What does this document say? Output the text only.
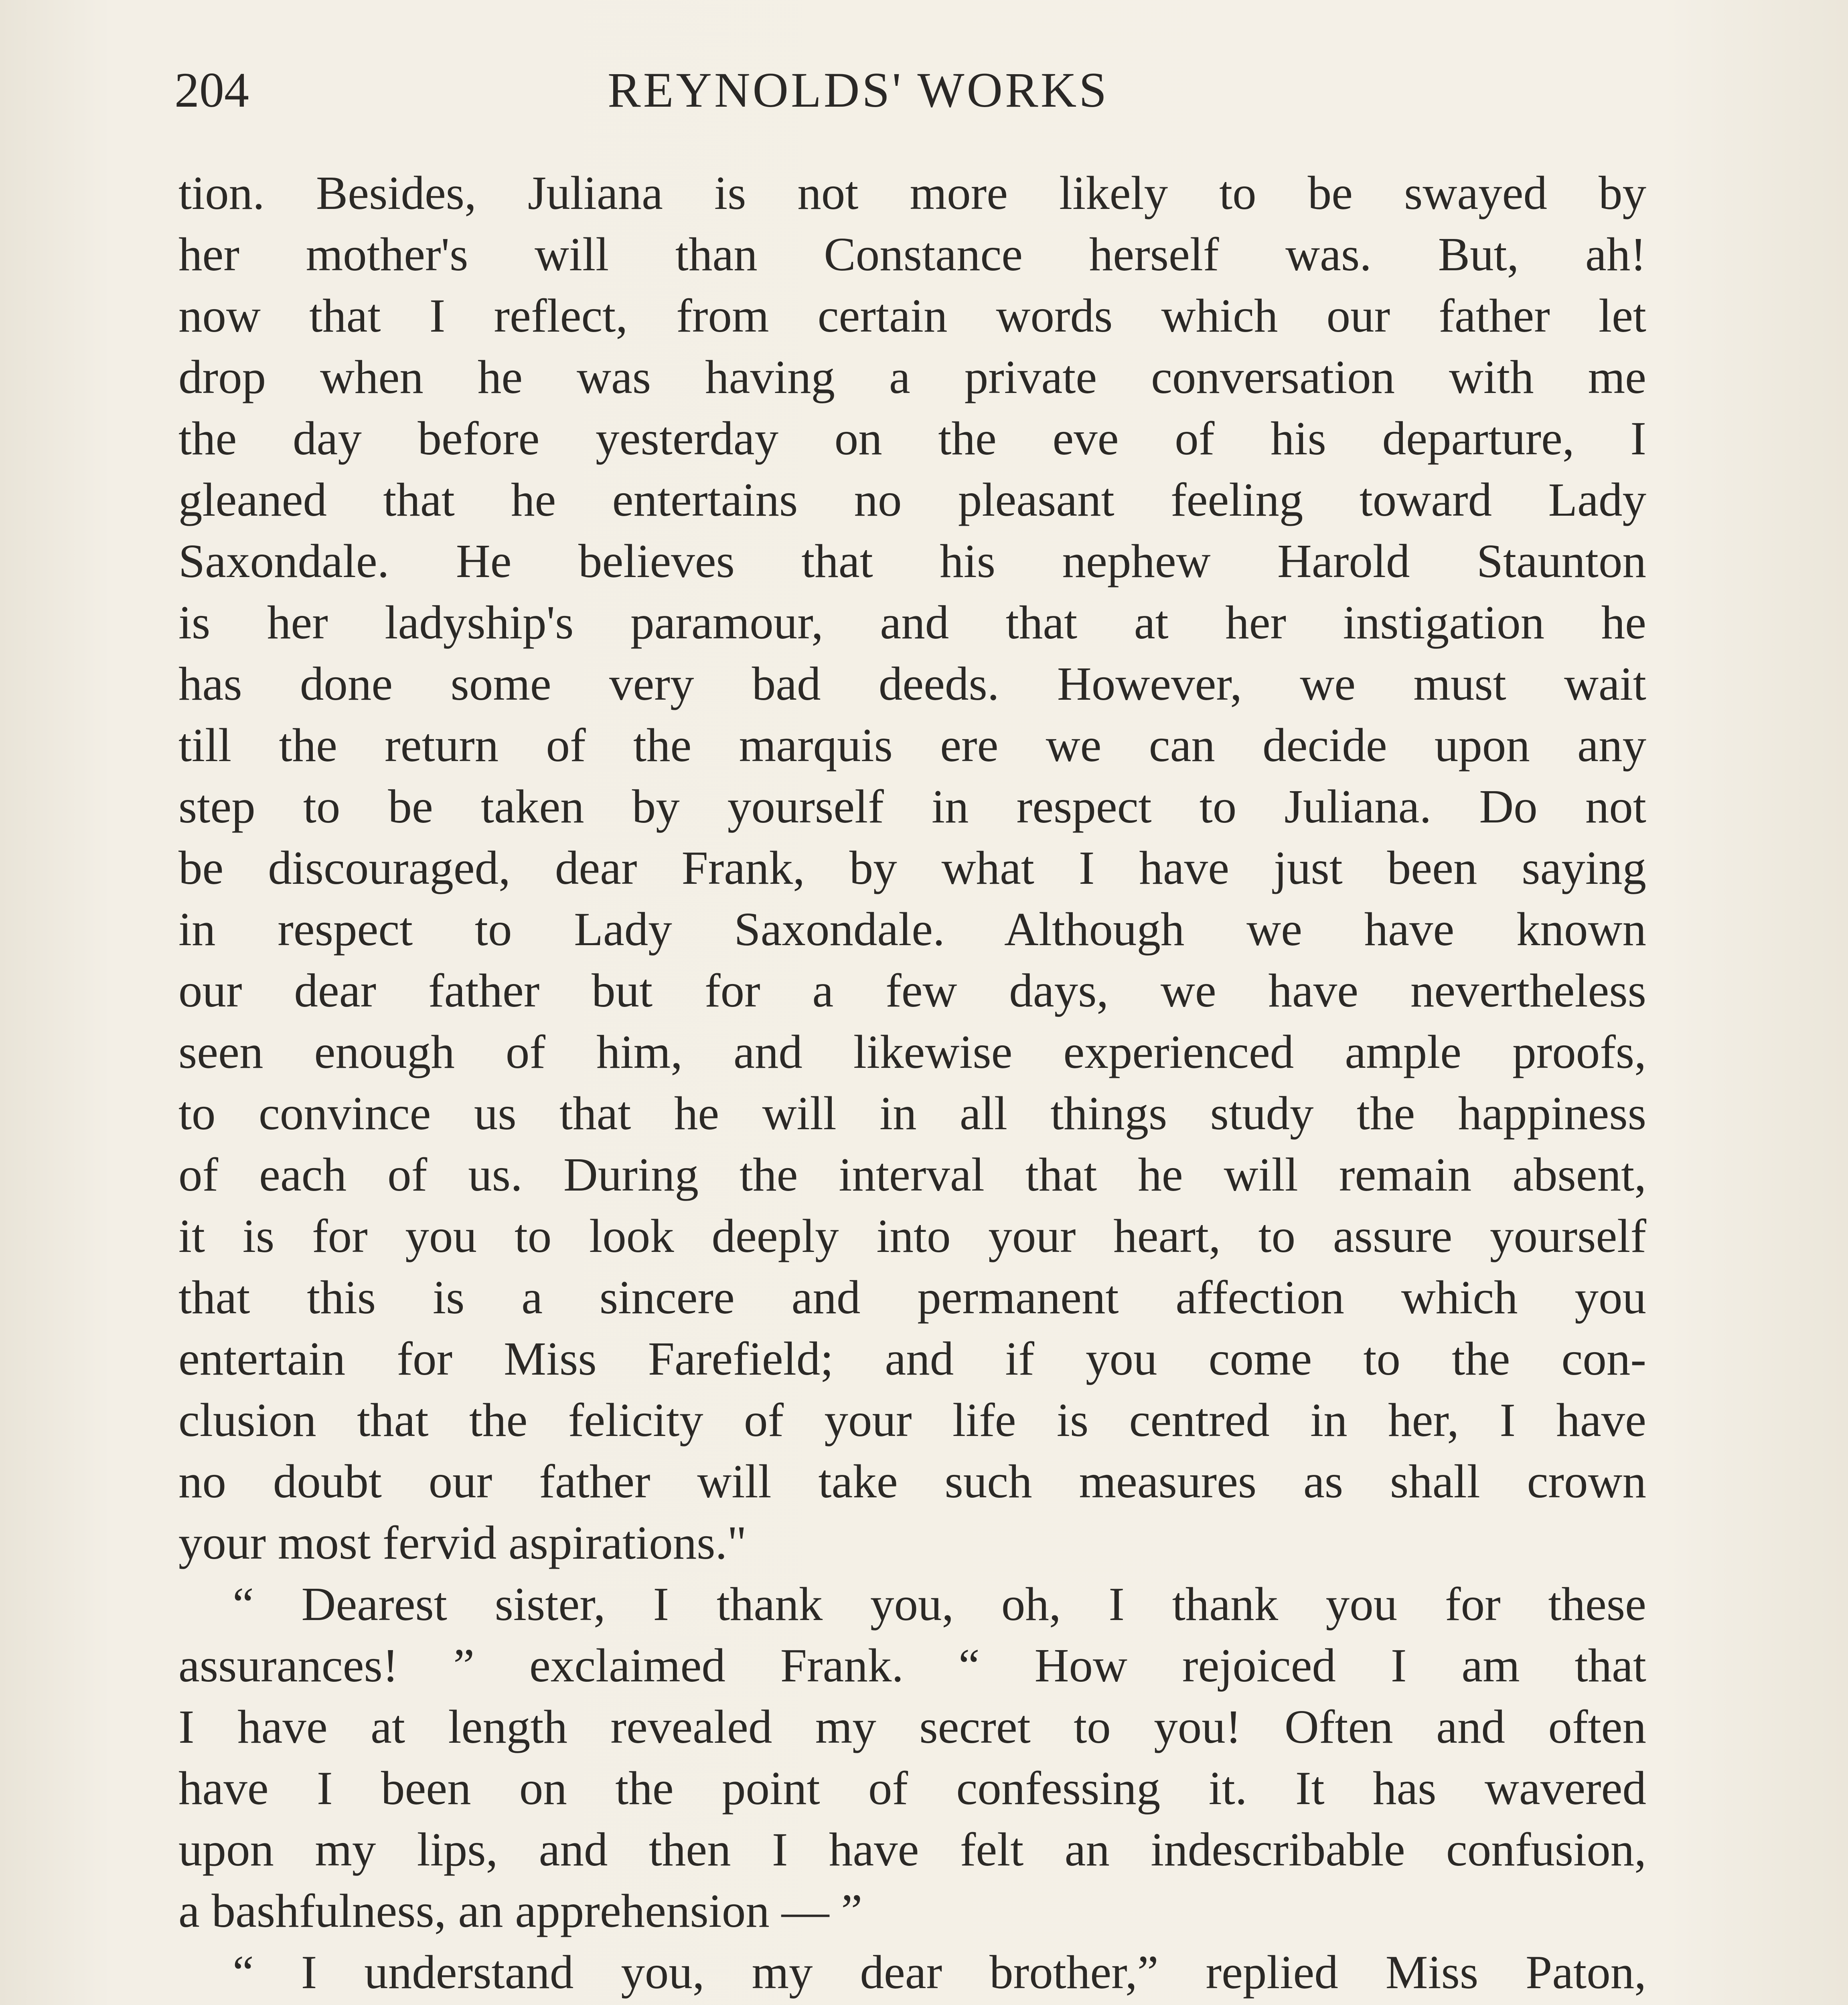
204	REYNOLDS' WORKS
tion. Besides, Juliana is not more likely to be swayed by
her mother's will than Constance herself was. But, ah!
now that I reflect, from certain words which our father let
drop when he was having a private conversation with me
the day before yesterday on the eve of his departure, I
gleaned that he entertains no pleasant feeling toward Lady
Saxondale. He believes that his nephew Harold Staunton
is her ladyship's paramour, and that at her instigation he
has done some very bad deeds. However, we must wait
till the return of the marquis ere we can decide upon any
step to be taken by yourself in respect to Juliana. Do not
be discouraged, dear Frank, by what I have just been saying
in respect to Lady Saxondale. Although we have known
our dear father but for a few days, we have nevertheless
seen enough of him, and likewise experienced ample proofs,
to convince us that he will in all things study the happiness
of each of us. During the interval that he will remain absent,
it is for you to look deeply into your heart, to assure yourself
that this is a sincere and permanent affection which you
entertain for Miss Farefield; and if you come to the con-
clusion that the felicity of your life is centred in her, I have
no doubt our father will take such measures as shall crown
your most fervid aspirations."
“ Dearest sister, I thank you, oh, I thank you for these
assurances! ” exclaimed Frank. “ How rejoiced I am that
I have at length revealed my secret to you! Often and often
have I been on the point of confessing it. It has wavered
upon my lips, and then I have felt an indescribable confusion,
a bashfulness, an apprehension — ”
“ I understand you, my dear brother,” replied Miss Paton,
